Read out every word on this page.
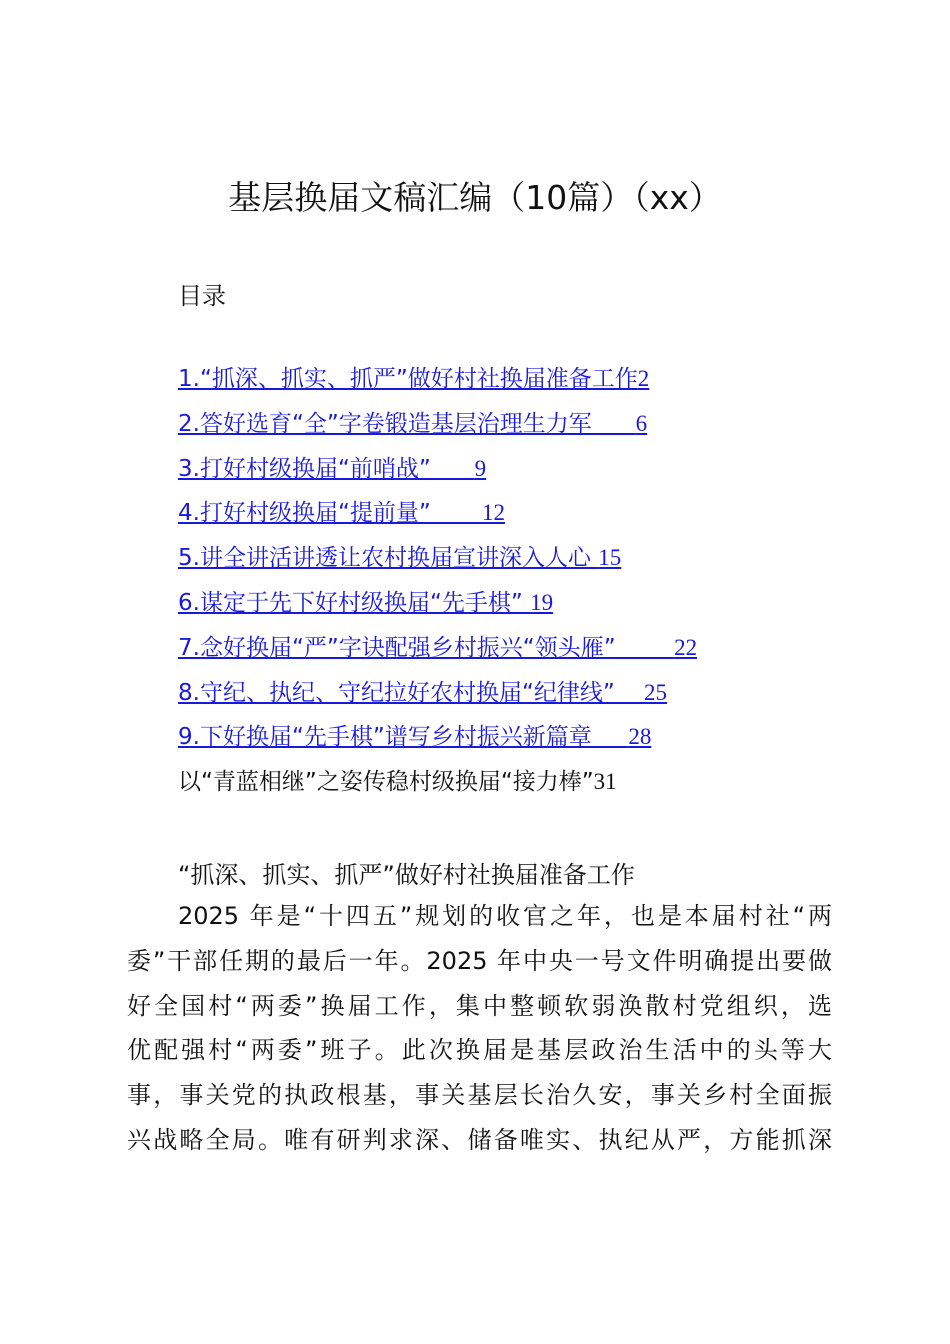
基层换届文稿汇编（10篇）（xx）
目录
1.“抓深、抓实、抓严”做好村社换届准备工作2
2.答好选育“全”字卷锻造基层治理生力军      6
3.打好村级换届“前哨战”      9
4.打好村级换届“提前量”       12
5.讲全讲活讲透让农村换届宣讲深入人心 15
6.谋定于先下好村级换届“先手棋” 19
7.念好换届“严”字诀配强乡村振兴“领头雁”        22
8.守纪、执纪、守纪拉好农村换届“纪律线”    25
9.下好换届“先手棋”谱写乡村振兴新篇章     28
以“青蓝相继”之姿传稳村级换届“接力棒”31
“抓深、抓实、抓严”做好村社换届准备工作
2025 年是“十四五”规划的收官之年，也是本届村社“两
委”干部任期的最后一年。2025 年中央一号文件明确提出要做
好全国村“两委”换届工作，集中整顿软弱涣散村党组织，选
优配强村“两委”班子。此次换届是基层政治生活中的头等大
事，事关党的执政根基，事关基层长治久安，事关乡村全面振
兴战略全局。唯有研判求深、储备唯实、执纪从严，方能抓深
